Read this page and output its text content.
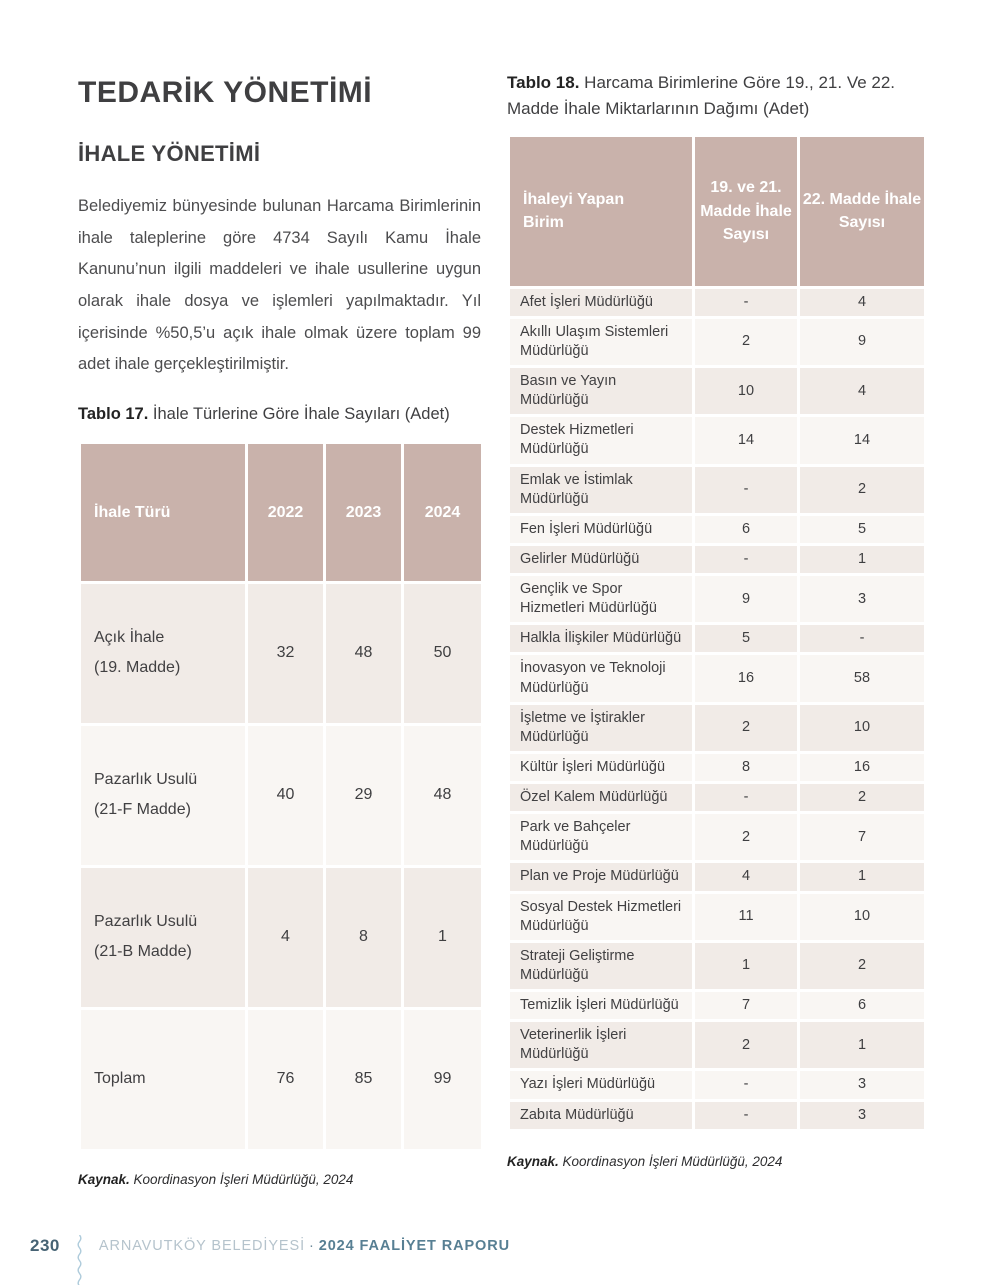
TEDARİK YÖNETİMİ
İHALE YÖNETİMİ

Belediyemiz bünyesinde bulunan Harcama Birimlerinin ihale taleplerine göre 4734 Sayılı Kamu İhale Kanunu’nun ilgili maddeleri ve ihale usullerine uygun olarak ihale dosya ve işlemleri yapılmaktadır. Yıl içerisinde %50,5’u açık ihale olmak üzere toplam 99 adet ihale gerçekleştirilmiştir.

Tablo 17. İhale Türlerine Göre İhale Sayıları (Adet)

İhale Türü	2022	2023	2024

Açık İhale
(19. Madde)	32	48	50

Pazarlık Usulü
(21-F Madde)	40	29	48

Pazarlık Usulü
(21-B Madde)	4	8	1

Toplam	76	85	99

Kaynak. Koordinasyon İşleri Müdürlüğü, 2024

Tablo 18. Harcama Birimlerine Göre 19., 21. Ve 22. Madde İhale Miktarlarının Dağımı (Adet)

İhaleyi Yapan Birim	19. ve 21. Madde İhale Sayısı	22. Madde İhale Sayısı
Afet İşleri Müdürlüğü	-	4
Akıllı Ulaşım Sistemleri Müdürlüğü	2	9
Basın ve Yayın Müdürlüğü	10	4
Destek Hizmetleri Müdürlüğü	14	14
Emlak ve İstimlak Müdürlüğü	-	2
Fen İşleri Müdürlüğü	6	5
Gelirler Müdürlüğü	-	1
Gençlik ve Spor Hizmetleri Müdürlüğü	9	3
Halkla İlişkiler Müdürlüğü	5	-
İnovasyon ve Teknoloji Müdürlüğü	16	58
İşletme ve İştirakler Müdürlüğü	2	10
Kültür İşleri Müdürlüğü	8	16
Özel Kalem Müdürlüğü	-	2
Park ve Bahçeler Müdürlüğü	2	7
Plan ve Proje Müdürlüğü	4	1
Sosyal Destek Hizmetleri Müdürlüğü	11	10
Strateji Geliştirme Müdürlüğü	1	2
Temizlik İşleri Müdürlüğü	7	6
Veterinerlik İşleri Müdürlüğü	2	1
Yazı İşleri Müdürlüğü	-	3
Zabıta Müdürlüğü	-	3

Kaynak. Koordinasyon İşleri Müdürlüğü, 2024

230	ARNAVUTKÖY BELEDİYESİ · 2024 FAALİYET RAPORU
